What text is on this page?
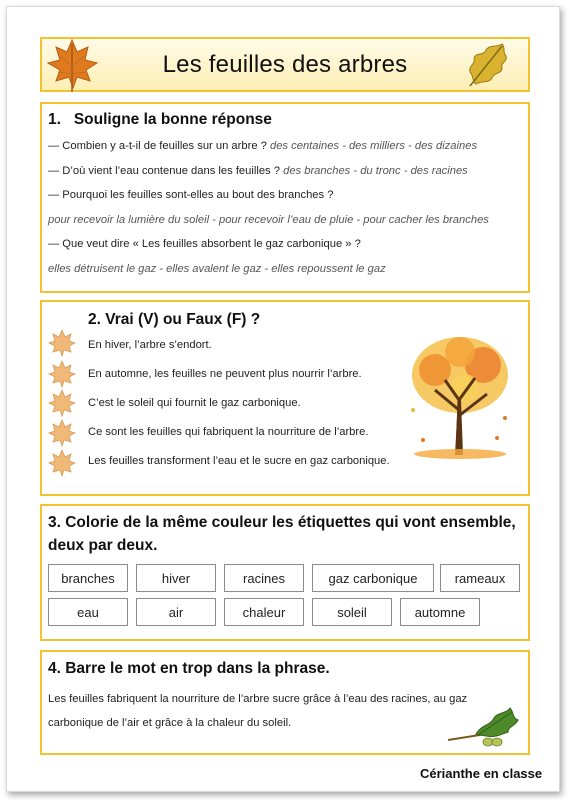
Les feuilles des arbres
1.   Souligne la bonne réponse
— Combien y a-t-il de feuilles sur un arbre ? des centaines - des milliers - des dizaines
— D’où vient l’eau contenue dans les feuilles ? des branches - du tronc - des racines
— Pourquoi les feuilles sont-elles au bout des branches ?
pour recevoir la lumière du soleil - pour recevoir l’eau de pluie - pour cacher les branches
— Que veut dire « Les feuilles absorbent le gaz carbonique » ?
elles détruisent le gaz - elles avalent le gaz - elles repoussent le gaz
2. Vrai (V) ou Faux (F) ?
En hiver, l’arbre s’endort.
En automne, les feuilles ne peuvent plus nourrir l’arbre.
C’est le soleil qui fournit le gaz carbonique.
Ce sont les feuilles qui fabriquent la nourriture de l’arbre.
Les feuilles transforment l’eau et le sucre en gaz carbonique.
3. Colorie de la même couleur les étiquettes qui vont ensemble,
deux par deux.
branches	hiver	racines	gaz carbonique	rameaux
eau	air	chaleur	soleil	automne
4. Barre le mot en trop dans la phrase.
Les feuilles fabriquent la nourriture de l’arbre sucre grâce à l’eau des racines, au gaz carbonique de l’air et grâce à la chaleur du soleil.
Cérianthe en classe
